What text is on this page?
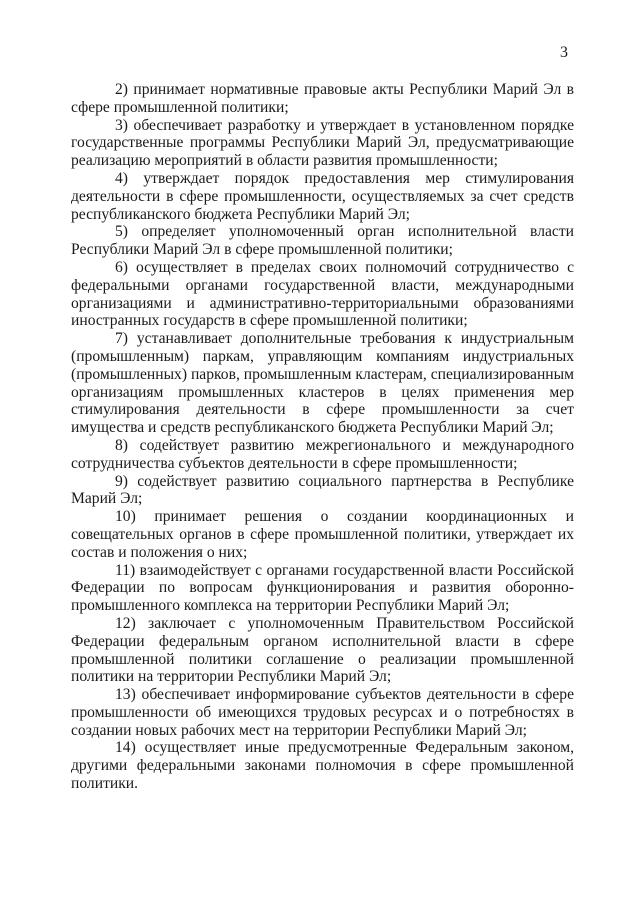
3

2) принимает нормативные правовые акты Республики Марий Эл в сфере промышленной политики;

3) обеспечивает разработку и утверждает в установленном порядке государственные программы Республики Марий Эл, предусматривающие реализацию мероприятий в области развития промышленности;

4) утверждает порядок предоставления мер стимулирования деятельности в сфере промышленности, осуществляемых за счет средств республиканского бюджета Республики Марий Эл;

5) определяет уполномоченный орган исполнительной власти Республики Марий Эл в сфере промышленной политики;

6) осуществляет в пределах своих полномочий сотрудничество с федеральными органами государственной власти, международными организациями и административно-территориальными образованиями иностранных государств в сфере промышленной политики;

7) устанавливает дополнительные требования к индустриальным (промышленным) паркам, управляющим компаниям индустриальных (промышленных) парков, промышленным кластерам, специализированным организациям промышленных кластеров в целях применения мер стимулирования деятельности в сфере промышленности за счет имущества и средств республиканского бюджета Республики Марий Эл;

8) содействует развитию межрегионального и международного сотрудничества субъектов деятельности в сфере промышленности;

9) содействует развитию социального партнерства в Республике Марий Эл;

10) принимает решения о создании координационных и совещательных органов в сфере промышленной политики, утверждает их состав и положения о них;

11) взаимодействует с органами государственной власти Российской Федерации по вопросам функционирования и развития оборонно-промышленного комплекса на территории Республики Марий Эл;

12) заключает с уполномоченным Правительством Российской Федерации федеральным органом исполнительной власти в сфере промышленной политики соглашение о реализации промышленной политики на территории Республики Марий Эл;

13) обеспечивает информирование субъектов деятельности в сфере промышленности об имеющихся трудовых ресурсах и о потребностях в создании новых рабочих мест на территории Республики Марий Эл;

14) осуществляет иные предусмотренные Федеральным законом, другими федеральными законами полномочия в сфере промышленной политики.
